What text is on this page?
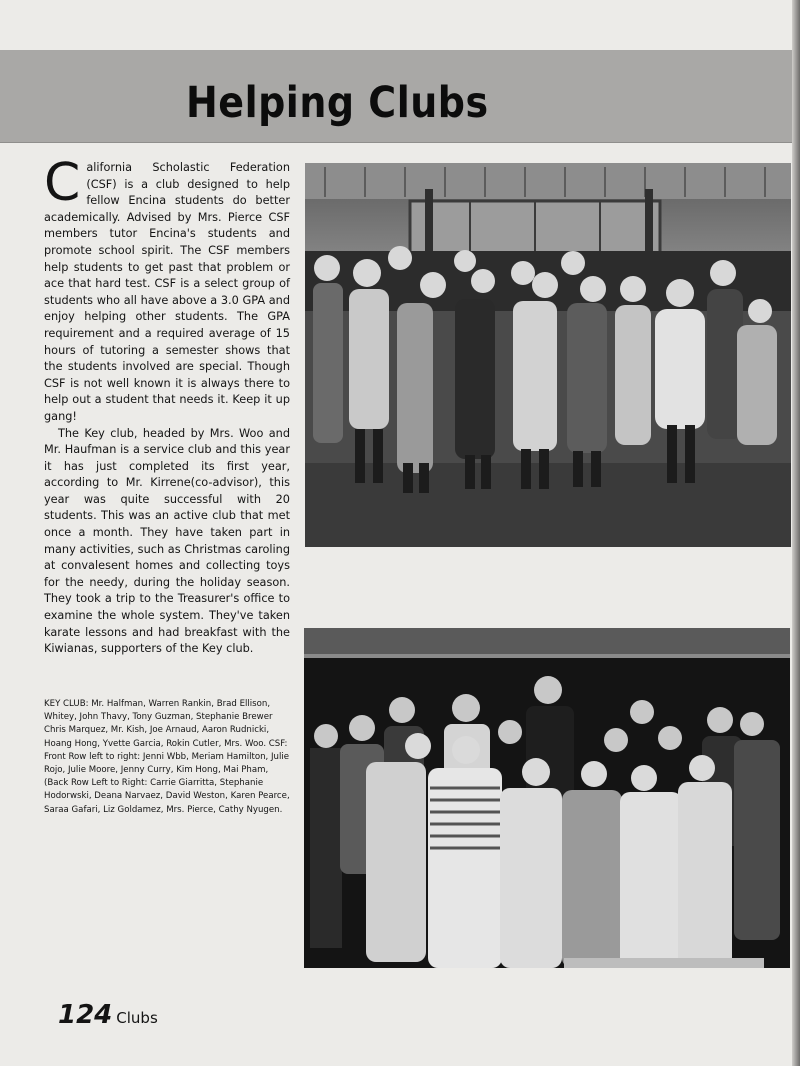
Helping Clubs

California Scholastic Federation (CSF) is a club designed to help fellow Encina students do better academically. Advised by Mrs. Pierce CSF members tutor Encina's students and promote school spirit. The CSF members help students to get past that problem or ace that hard test. CSF is a select group of students who all have above a 3.0 GPA and enjoy helping other students. The GPA requirement and a required average of 15 hours of tutoring a semester shows that the students involved are special. Though CSF is not well known it is always there to help out a student that needs it. Keep it up gang!

The Key club, headed by Mrs. Woo and Mr. Haufman is a service club and this year it has just completed its first year, according to Mr. Kirrene(co-advisor), this year was quite successful with 20 students. This was an active club that met once a month. They have taken part in many activities, such as Christmas caroling at convalesent homes and collecting toys for the needy, during the holiday season. They took a trip to the Treasurer's office to examine the whole system. They've taken karate lessons and had breakfast with the Kiwianas, supporters of the Key club.

KEY CLUB: Mr. Halfman, Warren Rankin, Brad Ellison, Whitey, John Thavy, Tony Guzman, Stephanie Brewer Chris Marquez, Mr. Kish, Joe Arnaud, Aaron Rudnicki, Hoang Hong, Yvette Garcia, Rokin Cutler, Mrs. Woo. CSF: Front Row left to right: Jenni Wbb, Meriam Hamilton, Julie Rojo, Julie Moore, Jenny Curry, Kim Hong, Mai Pham, (Back Row Left to Right: Carrie Giarritta, Stephanie Hodorwski, Deana Narvaez, David Weston, Karen Pearce, Saraa Gafari, Liz Goldamez, Mrs. Pierce, Cathy Nyugen.

124 Clubs
